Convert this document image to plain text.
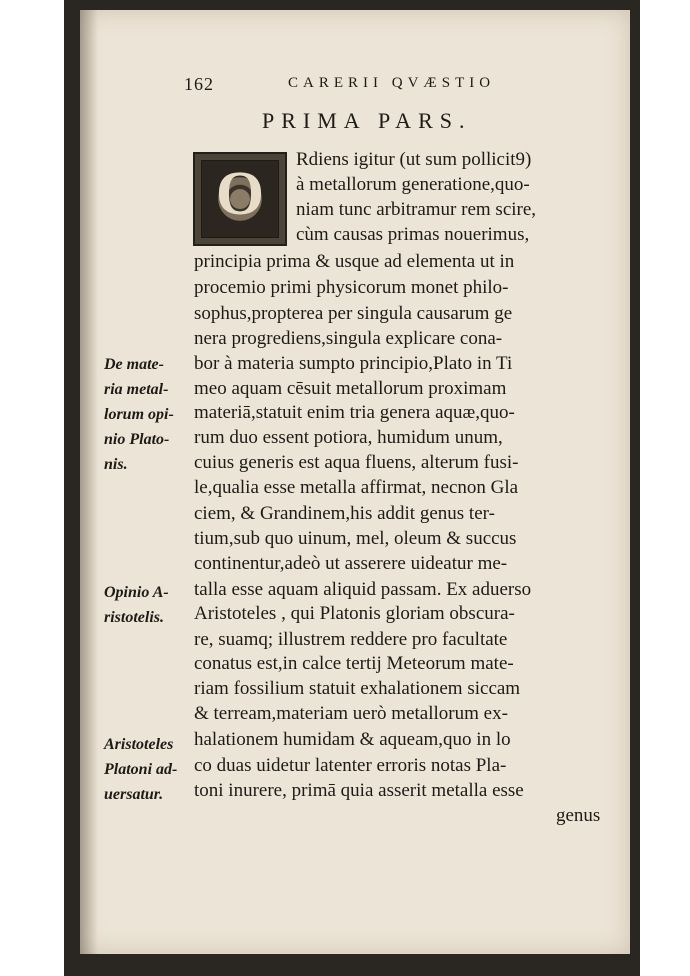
162	CARERII QVÆSTIO
PRIMA PARS.
O
Rdiens igitur (ut sum pollicit9)
à metallorum generatione,quo-
niam tunc arbitramur rem scire,
cùm causas primas nouerimus,
principia prima & usque ad elementa ut in
procemio primi physicorum monet philo-
sophus,propterea per singula causarum ge
nera progrediens,singula explicare cona-
bor à materia sumpto principio,Plato in Ti
meo aquam cēsuit metallorum proximam
materiā,statuit enim tria genera aquæ,quo-
rum duo essent potiora, humidum unum,
cuius generis est aqua fluens, alterum fusi-
le,qualia esse metalla affirmat, necnon Gla
ciem, & Grandinem,his addit genus ter-
tium,sub quo uinum, mel, oleum & succus
continentur,adeò ut asserere uideatur me-
talla esse aquam aliquid passam. Ex aduerso
Aristoteles , qui Platonis gloriam obscura-
re, suamq; illustrem reddere pro facultate
conatus est,in calce tertij Meteorum mate-
riam fossilium statuit exhalationem siccam
& terream,materiam uerò metallorum ex-
halationem humidam & aqueam,quo in lo
co duas uidetur latenter erroris notas Pla-
toni inurere, primā quia asserit metalla esse
genus
De mate-
ria metal-
lorum opi-
nio Plato-
nis.
Opinio A-
ristotelis.
Aristoteles
Platoni ad-
uersatur.
